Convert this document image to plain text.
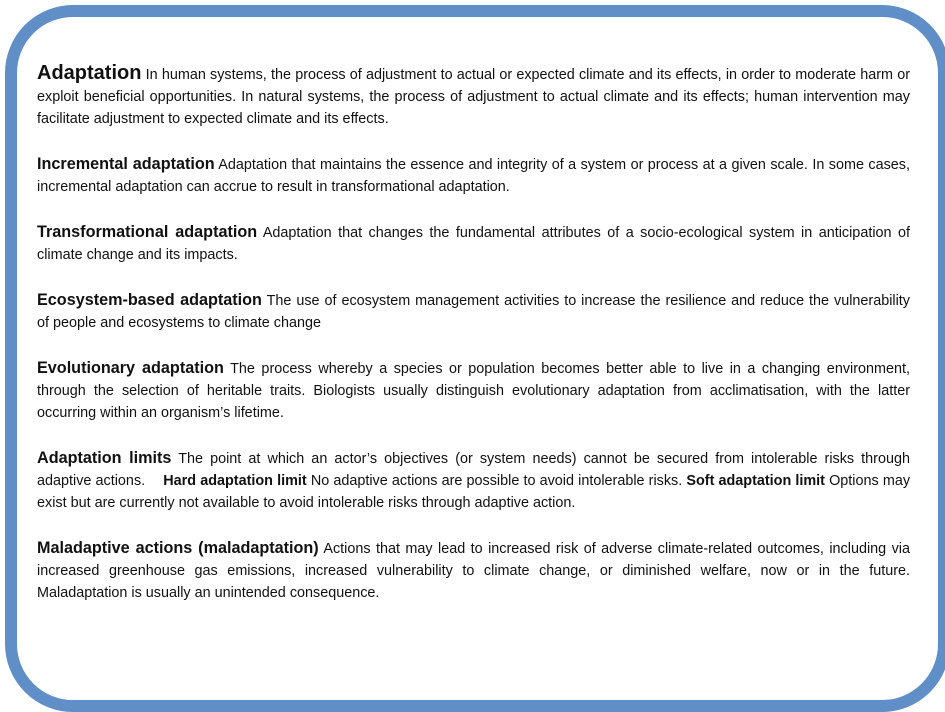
Adaptation In human systems, the process of adjustment to actual or expected climate and its effects, in order to moderate harm or exploit beneficial opportunities. In natural systems, the process of adjustment to actual climate and its effects; human intervention may facilitate adjustment to expected climate and its effects.

Incremental adaptation Adaptation that maintains the essence and integrity of a system or process at a given scale. In some cases, incremental adaptation can accrue to result in transformational adaptation.

Transformational adaptation Adaptation that changes the fundamental attributes of a socio-ecological system in anticipation of climate change and its impacts.

Ecosystem-based adaptation The use of ecosystem management activities to increase the resilience and reduce the vulnerability of people and ecosystems to climate change

Evolutionary adaptation The process whereby a species or population becomes better able to live in a changing environment, through the selection of heritable traits. Biologists usually distinguish evolutionary adaptation from acclimatisation, with the latter occurring within an organism’s lifetime.

Adaptation limits The point at which an actor’s objectives (or system needs) cannot be secured from intolerable risks through adaptive actions. Hard adaptation limit No adaptive actions are possible to avoid intolerable risks. Soft adaptation limit Options may exist but are currently not available to avoid intolerable risks through adaptive action.

Maladaptive actions (maladaptation) Actions that may lead to increased risk of adverse climate-related outcomes, including via increased greenhouse gas emissions, increased vulnerability to climate change, or diminished welfare, now or in the future. Maladaptation is usually an unintended consequence.
